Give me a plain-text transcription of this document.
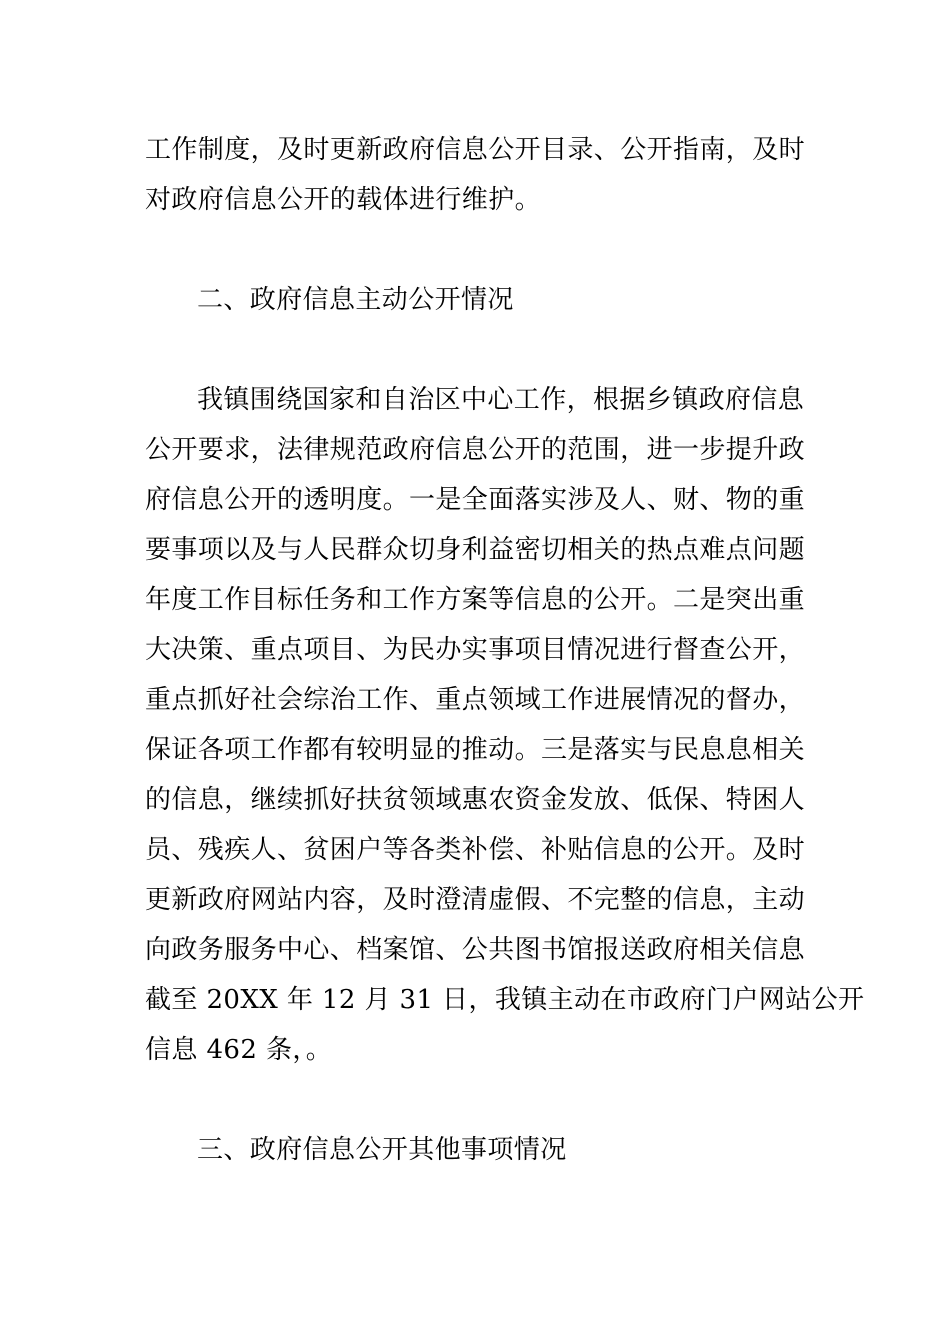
工作制度，及时更新政府信息公开目录、公开指南，及时
对政府信息公开的载体进行维护。
二、政府信息主动公开情况
我镇围绕国家和自治区中心工作，根据乡镇政府信息
公开要求，法律规范政府信息公开的范围，进一步提升政
府信息公开的透明度。一是全面落实涉及人、财、物的重
要事项以及与人民群众切身利益密切相关的热点难点问题
年度工作目标任务和工作方案等信息的公开。二是突出重
大决策、重点项目、为民办实事项目情况进行督查公开，
重点抓好社会综治工作、重点领域工作进展情况的督办，
保证各项工作都有较明显的推动。三是落实与民息息相关
的信息，继续抓好扶贫领域惠农资金发放、低保、特困人
员、残疾人、贫困户等各类补偿、补贴信息的公开。及时
更新政府网站内容，及时澄清虚假、不完整的信息，主动
向政务服务中心、档案馆、公共图书馆报送政府相关信息
截至 20XX 年 12 月 31 日，我镇主动在市政府门户网站公开
信息 462 条，。
三、政府信息公开其他事项情况
